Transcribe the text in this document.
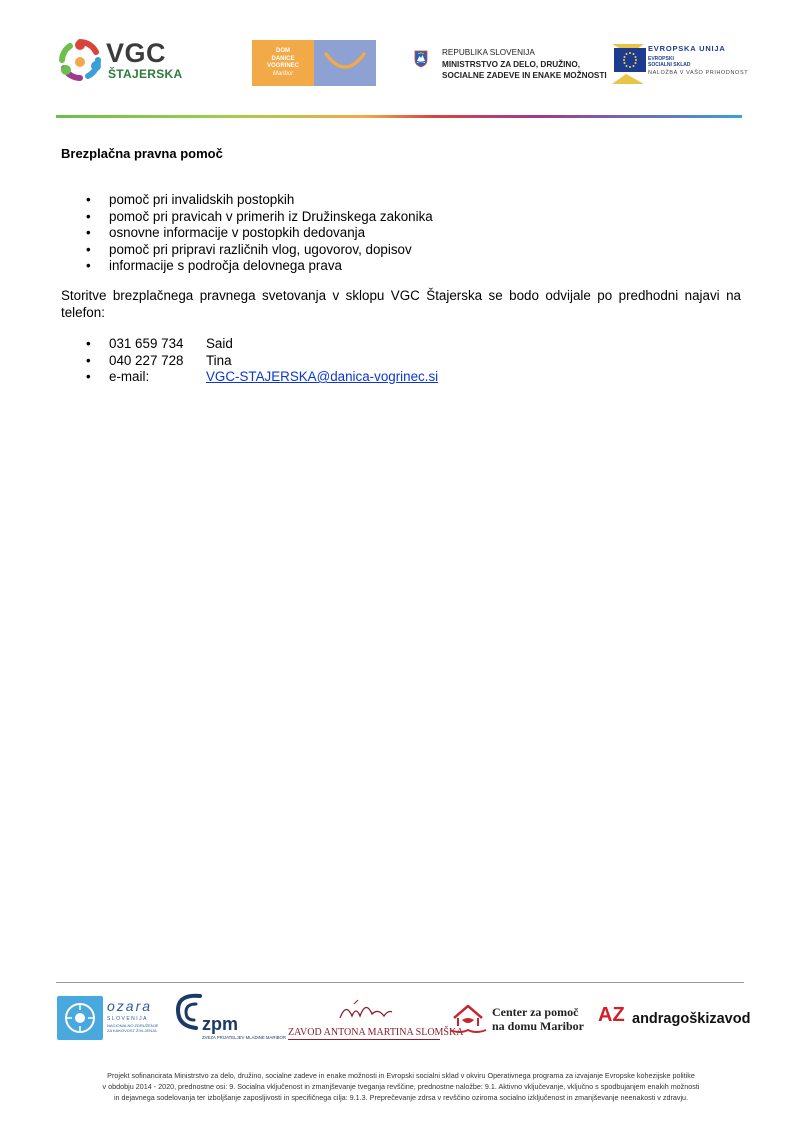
VGC
ŠTAJERSKA
DOM
DANICE
VOGRINEC
Maribor
REPUBLIKA SLOVENIJA
MINISTRSTVO ZA DELO, DRUŽINO,
SOCIALNE ZADEVE IN ENAKE MOŽNOSTI
EVROPSKA UNIJA
EVROPSKI
SOCIALNI SKLAD
NALOŽBA V VAŠO PRIHODNOST
Brezplačna pravna pomoč
• pomoč pri invalidskih postopkih
• pomoč pri pravicah v primerih iz Družinskega zakonika
• osnovne informacije v postopkih dedovanja
• pomoč pri pripravi različnih vlog, ugovorov, dopisov
• informacije s področja delovnega prava

Storitve brezplačnega pravnega svetovanja v sklopu VGC Štajerska se bodo odvijale po predhodni najavi na telefon:

• 031 659 734 Said
• 040 227 728 Tina
• e-mail:	VGC-STAJERSKA@danica-vogrinec.si
ozara
SLOVENIJA
NACIONALNO ZDRUŽENJE
ZA KAKOVOST ŽIVLJENJA	zpm
ZVEZA PRIJATELJEV MLADINE MARIBOR ZAVOD ANTONA MARTINA SLOMŠKA
Center za pomoč
na domu Maribor AZ andragoškizavod

Projekt sofinancirata Ministrstvo za delo, družino, socialne zadeve in enake možnosti in Evropski socialni sklad v okviru Operativnega programa za izvajanje Evropske kohezijske politike

v obdobju 2014 - 2020, prednostne osi: 9. Socialna vključenost in zmanjševanje tveganja revščine, prednostne naložbe: 9.1. Aktivno vključevanje, vključno s spodbujanjem enakih možnosti

in dejavnega sodelovanja ter izboljšanje zaposljivosti in specifičnega cilja: 9.1.3. Preprečevanje zdrsa v revščino oziroma socialno izključenost in zmanjševanje neenakosti v zdravju.
